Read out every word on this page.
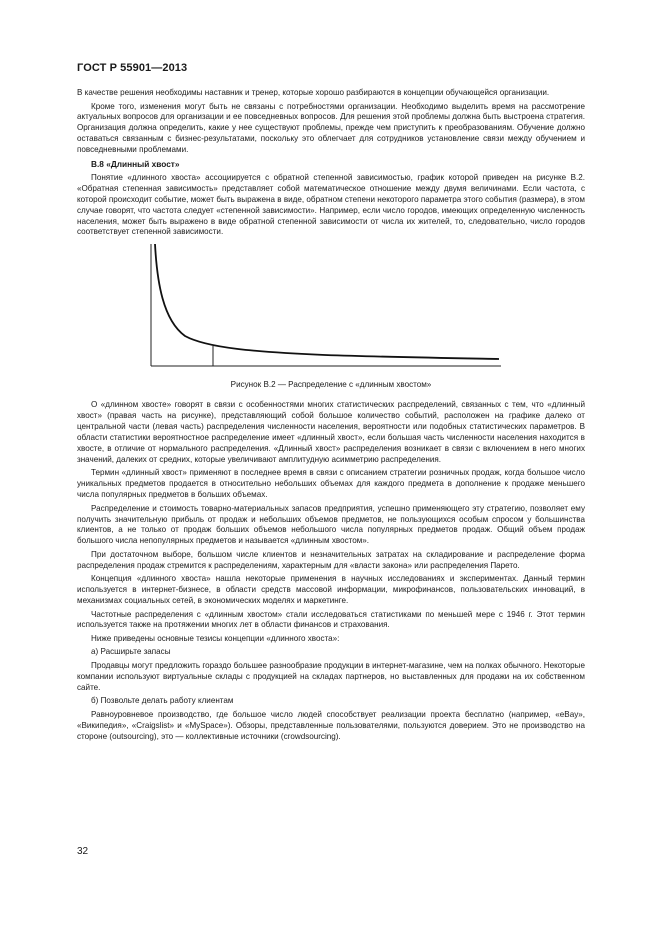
ГОСТ Р 55901—2013

В качестве решения необходимы наставник и тренер, которые хорошо разбираются в концепции обучающейся организации.

Кроме того, изменения могут быть не связаны с потребностями организации. Необходимо выделить время на рассмотрение актуальных вопросов для организации и ее повседневных вопросов. Для решения этой проблемы должна быть выстроена стратегия. Организация должна определить, какие у нее существуют проблемы, прежде чем приступить к преобразованиям. Обучение должно оставаться связанным с бизнес-результатами, поскольку это облегчает для сотрудников установление связи между обучением и повседневными проблемами.

B.8 «Длинный хвост»

Понятие «длинного хвоста» ассоциируется с обратной степенной зависимостью, график которой приведен на рисунке В.2. «Обратная степенная зависимость» представляет собой математическое отношение между двумя величинами. Если частота, с которой происходит событие, может быть выражена в виде, обратном степени некоторого параметра этого события (размера), в этом случае говорят, что частота следует «степенной зависимости». Например, если число городов, имеющих определенную численность населения, может быть выражено в виде обратной степенной зависимости от числа их жителей, то, следовательно, число городов соответствует степенной зависимости.

Рисунок В.2 — Распределение с «длинным хвостом»

О «длинном хвосте» говорят в связи с особенностями многих статистических распределений, связанных с тем, что «длинный хвост» (правая часть на рисунке), представляющий собой большое количество событий, расположен на графике далеко от центральной части (левая часть) распределения численности населения, вероятности или подобных статистических параметров. В области статистики вероятностное распределение имеет «длинный хвост», если большая часть численности населения находится в хвосте, в отличие от нормального распределения. «Длинный хвост» распределения возникает в связи с включением в него многих значений, далеких от средних, которые увеличивают амплитудную асимметрию распределения.

Термин «длинный хвост» применяют в последнее время в связи с описанием стратегии розничных продаж, когда большое число уникальных предметов продается в относительно небольших объемах для каждого предмета в дополнение к продаже меньшего числа популярных предметов в больших объемах.

Распределение и стоимость товарно-материальных запасов предприятия, успешно применяющего эту стратегию, позволяет ему получить значительную прибыль от продаж и небольших объемов предметов, не пользующихся особым спросом у большинства клиентов, а не только от продаж больших объемов небольшого числа популярных предметов продаж. Общий объем продаж большого числа непопулярных предметов и называется «длинным хвостом».

При достаточном выборе, большом числе клиентов и незначительных затратах на складирование и распределение форма распределения продаж стремится к распределениям, характерным для «власти закона» или распределения Парето.

Концепция «длинного хвоста» нашла некоторые применения в научных исследованиях и экспериментах. Данный термин используется в интернет-бизнесе, в области средств массовой информации, микрофинансов, пользовательских инноваций, в механизмах социальных сетей, в экономических моделях и маркетинге.

Частотные распределения с «длинным хвостом» стали исследоваться статистиками по меньшей мере с 1946 г. Этот термин используется также на протяжении многих лет в области финансов и страхования.

Ниже приведены основные тезисы концепции «длинного хвоста»:

а) Расширьте запасы

Продавцы могут предложить гораздо большее разнообразие продукции в интернет-магазине, чем на полках обычного. Некоторые компании используют виртуальные склады с продукцией на складах партнеров, но выставленных для продажи на их собственном сайте.

б) Позвольте делать работу клиентам

Равноуровневое производство, где большое число людей способствует реализации проекта бесплатно (например, «eBay», «Википедия», «Craigslist» и «MySpace»). Обзоры, представленные пользователями, пользуются доверием. Это не производство на стороне (outsourcing), это — коллективные источники (crowdsourcing).

32
